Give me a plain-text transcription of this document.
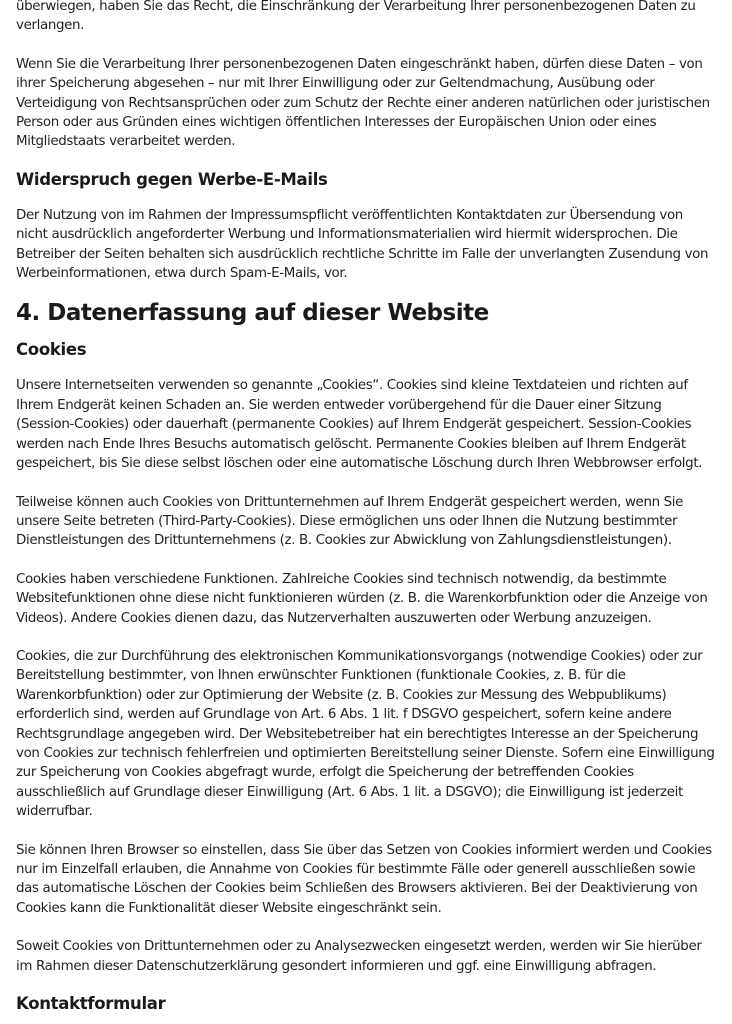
überwiegen, haben Sie das Recht, die Einschränkung der Verarbeitung Ihrer personenbezogenen Daten zu verlangen.

Wenn Sie die Verarbeitung Ihrer personenbezogenen Daten eingeschränkt haben, dürfen diese Daten – von ihrer Speicherung abgesehen – nur mit Ihrer Einwilligung oder zur Geltendmachung, Ausübung oder Verteidigung von Rechtsansprüchen oder zum Schutz der Rechte einer anderen natürlichen oder juristischen Person oder aus Gründen eines wichtigen öffentlichen Interesses der Europäischen Union oder eines Mitgliedstaats verarbeitet werden.

Widerspruch gegen Werbe-E-Mails

Der Nutzung von im Rahmen der Impressumspflicht veröffentlichten Kontaktdaten zur Übersendung von nicht ausdrücklich angeforderter Werbung und Informationsmaterialien wird hiermit widersprochen. Die Betreiber der Seiten behalten sich ausdrücklich rechtliche Schritte im Falle der unverlangten Zusendung von Werbeinformationen, etwa durch Spam-E-Mails, vor.

4. Datenerfassung auf dieser Website
Cookies

Unsere Internetseiten verwenden so genannte „Cookies“. Cookies sind kleine Textdateien und richten auf Ihrem Endgerät keinen Schaden an. Sie werden entweder vorübergehend für die Dauer einer Sitzung (Session-Cookies) oder dauerhaft (permanente Cookies) auf Ihrem Endgerät gespeichert. Session-Cookies werden nach Ende Ihres Besuchs automatisch gelöscht. Permanente Cookies bleiben auf Ihrem Endgerät gespeichert, bis Sie diese selbst löschen oder eine automatische Löschung durch Ihren Webbrowser erfolgt.

Teilweise können auch Cookies von Drittunternehmen auf Ihrem Endgerät gespeichert werden, wenn Sie unsere Seite betreten (Third-Party-Cookies). Diese ermöglichen uns oder Ihnen die Nutzung bestimmter Dienstleistungen des Drittunternehmens (z. B. Cookies zur Abwicklung von Zahlungsdienstleistungen).

Cookies haben verschiedene Funktionen. Zahlreiche Cookies sind technisch notwendig, da bestimmte Websitefunktionen ohne diese nicht funktionieren würden (z. B. die Warenkorbfunktion oder die Anzeige von Videos). Andere Cookies dienen dazu, das Nutzerverhalten auszuwerten oder Werbung anzuzeigen.

Cookies, die zur Durchführung des elektronischen Kommunikationsvorgangs (notwendige Cookies) oder zur Bereitstellung bestimmter, von Ihnen erwünschter Funktionen (funktionale Cookies, z. B. für die Warenkorbfunktion) oder zur Optimierung der Website (z. B. Cookies zur Messung des Webpublikums) erforderlich sind, werden auf Grundlage von Art. 6 Abs. 1 lit. f DSGVO gespeichert, sofern keine andere Rechtsgrundlage angegeben wird. Der Websitebetreiber hat ein berechtigtes Interesse an der Speicherung von Cookies zur technisch fehlerfreien und optimierten Bereitstellung seiner Dienste. Sofern eine Einwilligung zur Speicherung von Cookies abgefragt wurde, erfolgt die Speicherung der betreffenden Cookies ausschließlich auf Grundlage dieser Einwilligung (Art. 6 Abs. 1 lit. a DSGVO); die Einwilligung ist jederzeit widerrufbar.

Sie können Ihren Browser so einstellen, dass Sie über das Setzen von Cookies informiert werden und Cookies nur im Einzelfall erlauben, die Annahme von Cookies für bestimmte Fälle oder generell ausschließen sowie das automatische Löschen der Cookies beim Schließen des Browsers aktivieren. Bei der Deaktivierung von Cookies kann die Funktionalität dieser Website eingeschränkt sein.

Soweit Cookies von Drittunternehmen oder zu Analysezwecken eingesetzt werden, werden wir Sie hierüber im Rahmen dieser Datenschutzerklärung gesondert informieren und ggf. eine Einwilligung abfragen.

Kontaktformular
